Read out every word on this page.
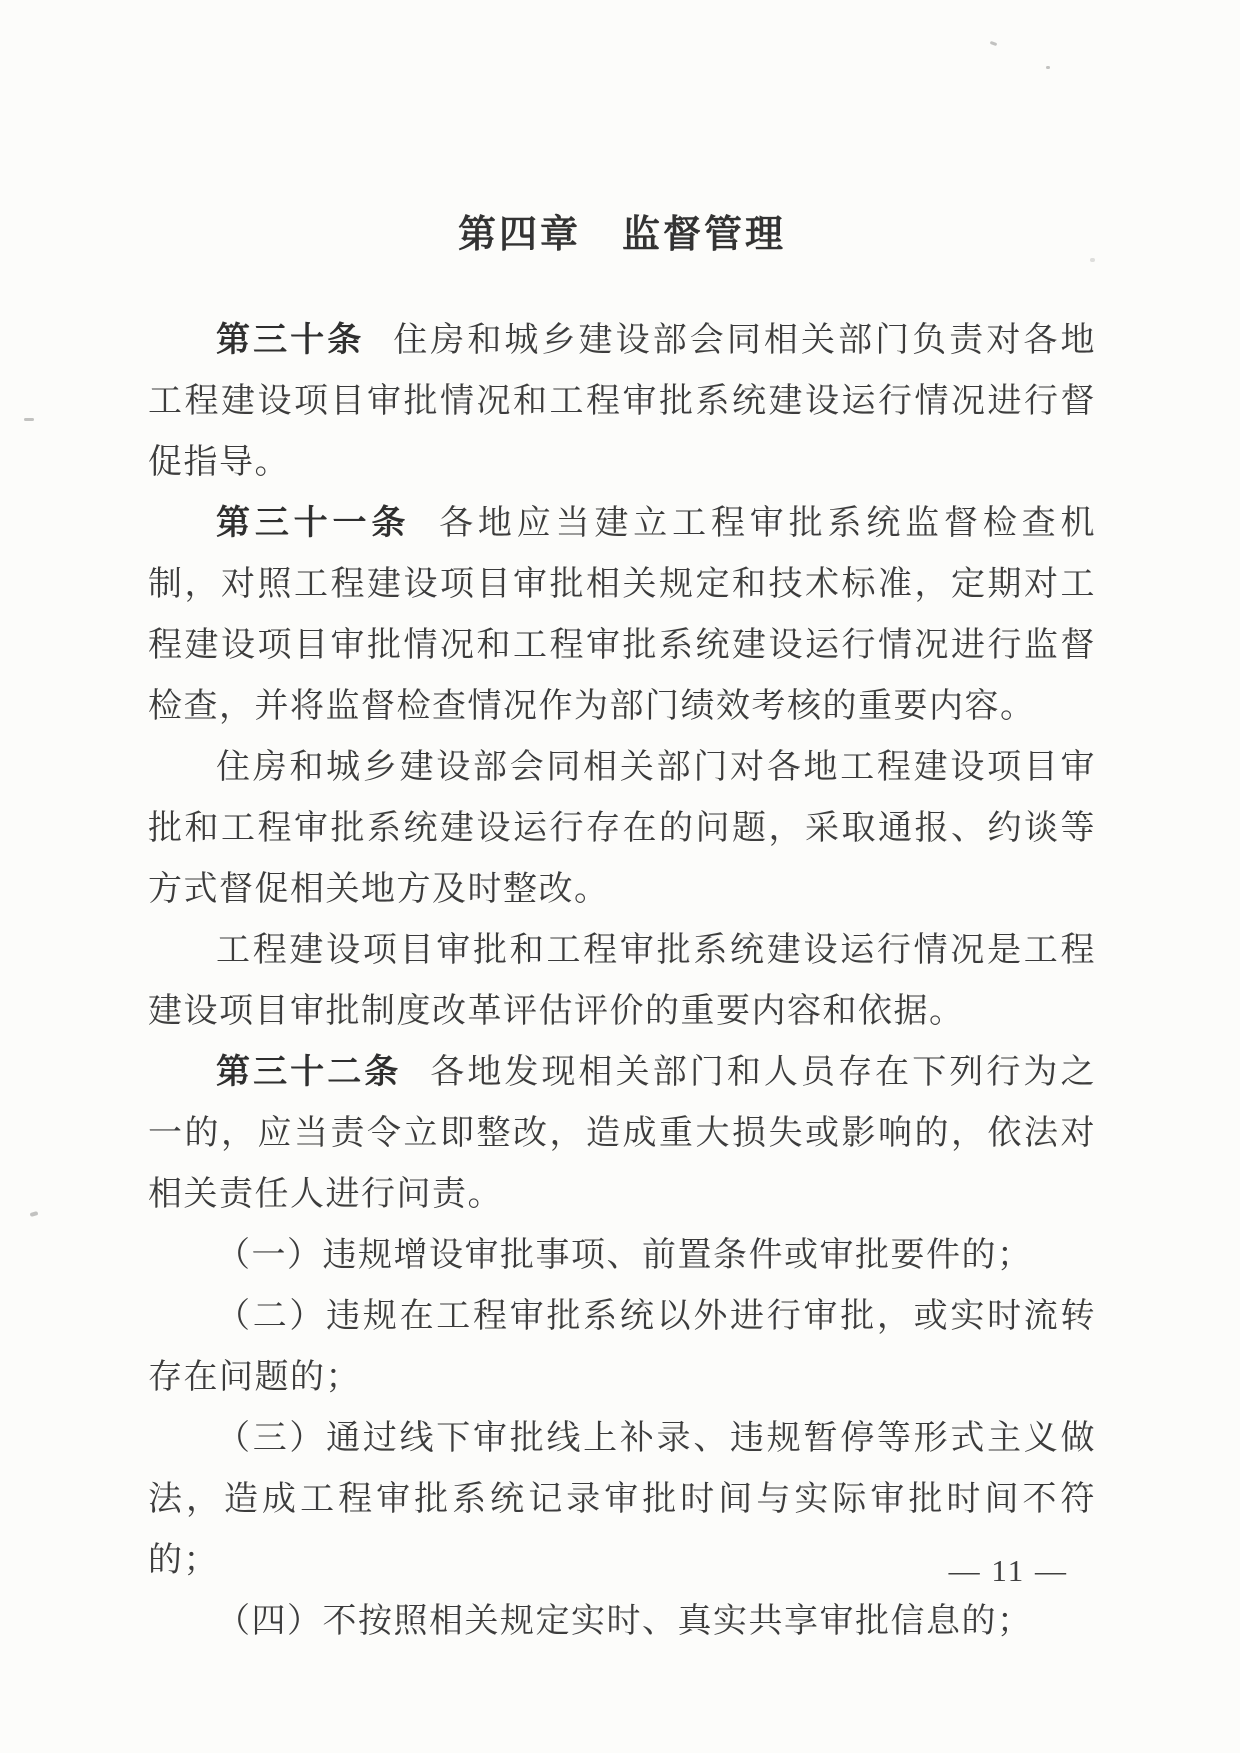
第四章　监督管理

第三十条 住房和城乡建设部会同相关部门负责对各地工程建设项目审批情况和工程审批系统建设运行情况进行督促指导。

第三十一条 各地应当建立工程审批系统监督检查机制，对照工程建设项目审批相关规定和技术标准，定期对工程建设项目审批情况和工程审批系统建设运行情况进行监督检查，并将监督检查情况作为部门绩效考核的重要内容。

住房和城乡建设部会同相关部门对各地工程建设项目审批和工程审批系统建设运行存在的问题，采取通报、约谈等方式督促相关地方及时整改。

工程建设项目审批和工程审批系统建设运行情况是工程建设项目审批制度改革评估评价的重要内容和依据。

第三十二条 各地发现相关部门和人员存在下列行为之一的，应当责令立即整改，造成重大损失或影响的，依法对相关责任人进行问责。

（一）违规增设审批事项、前置条件或审批要件的；

（二）违规在工程审批系统以外进行审批，或实时流转存在问题的；

（三）通过线下审批线上补录、违规暂停等形式主义做法，造成工程审批系统记录审批时间与实际审批时间不符的；

（四）不按照相关规定实时、真实共享审批信息的；

— 11 —
